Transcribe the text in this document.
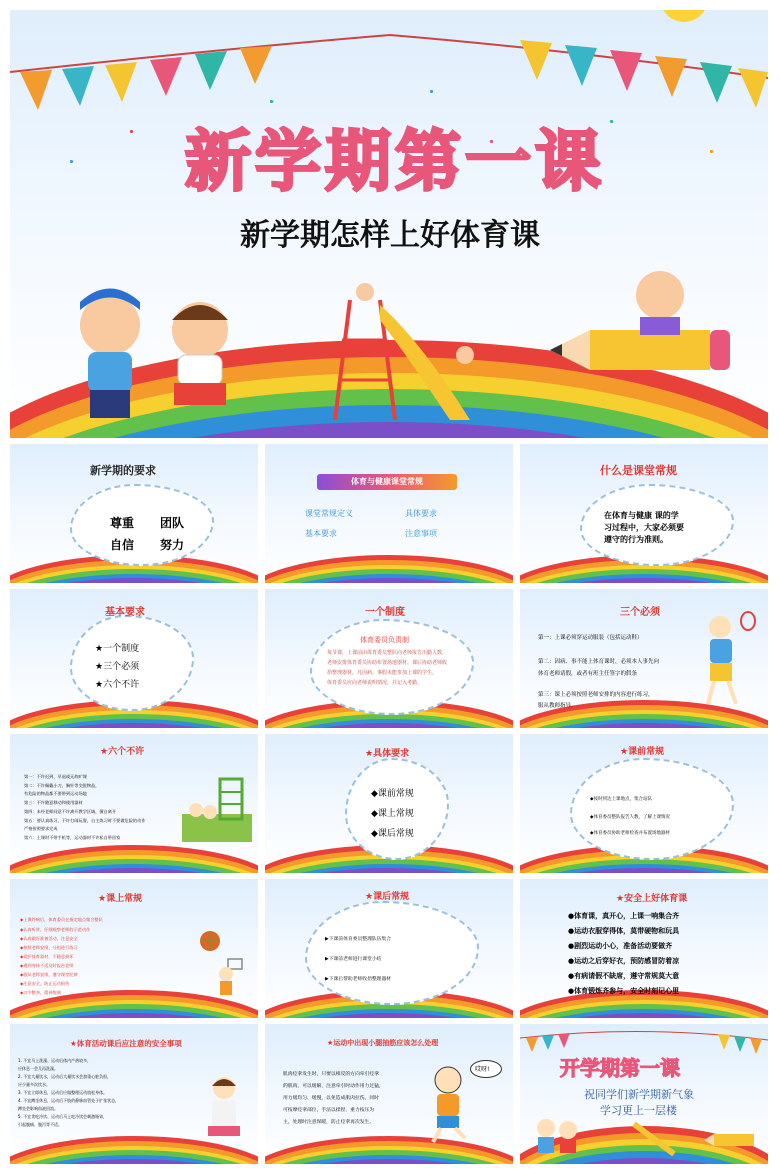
新学期第一课
新学期怎样上好体育课
新学期的要求
尊重 团队
自信 努力
体育与健康课堂常规
课堂常规定义	具体要求
基本要求	注意事项
什么是课堂常规
在体育与健康 课的学
习过程中，大家必须要
遵守的行为准则。
基本要求
★一个制度
★三个必须
★六个不许
一个制度
体育委员负责制
每节课，上课前由体育委员整队向老师报告出勤人数，
老师安排体育委员协助布置场地器材。课后协助老师收
拾整理器材。凡因病、事假未能参加上课的学生，
体育委员应向老师说明情况，并记入考勤。
三个必须
第一：上课必须穿运动服装（包括运动鞋）
第二：因病、事不能上体育课时，必须本人事先向
体育老师请假，或者有班主任签字的假条
第三：课上必须按照老师安排的内容进行练习，
服从教师指导。
★六个不许
第一：不许迟到、早退或无故旷课
第二：不许佩戴小刀、胸针等尖锐物品，
有危险的物品都不要带到运动场地
第三：不许随意移动和使用器材
第四：未经老师同意不许离开教学区域，擅自离开
第五：要认真练习，不许打闹玩耍，自主练习时不要做危险的动作
严格按照要求完成
第六：上课时不带手机等，运动器材不许私自带回家
★具体要求
◆课前常规
◆课上常规
◆课后常规
★课前常规
◆按时到达上课地点，集合站队
◆体育委员整队报告人数，了解上课情况
◆体育委员协助老师检查并布置场地器材
★课上常规
◆上课铃响后，体育委员在指定地点集合整队
◆认真听讲，仔细观察老师的示范动作
◆认真做好准备活动，注意安全
◆按照老师安排，分组进行练习
◆爱护体育器材，不随意损坏
◆遇到身体不适及时报告老师
◆服从老师安排，遵守课堂纪律
◆注意安全，防止运动损伤
◆口令整齐，精神饱满
★课后常规
▶下课前体育委员整理队伍集合
▶下课前老师进行课堂小结
▶下课后帮助老师收拾整理器材
★安全上好体育课
●体育课，真开心，上课一响集合齐
●运动衣服穿得体，莫带硬物和玩具
●剧烈运动小心，准备活动要做齐
●运动之后穿好衣，预防感冒防着凉
●有病请假不缺席，遵守常规莫大意
●体育锻炼齐参与，安全时刻记心里
★体育活动课后应注意的安全事项
1. 不宜马上洗澡、运动后体内产热较多，
应休息一会儿再洗澡。
2. 不宜大量饮水，运动后大量饮水会加重心脏负担，
应少量多次饮水。
3. 不宜立即休息，运动后应做整理运动放松身体。
4. 不宜蹲坐休息，运动后下肢的静脉血管处于扩张状态，
蹲坐会影响血液回流。
5. 不宜贪吃冷饮、运动后马上吃冷饮会刺激肠胃，
引起腹痛、腹泻等不适。
★运动中出现小腿抽筋应该怎么处理
肌肉痉挛发生时，只要以相反的方向牵引痉挛
的肌肉，可以缓解，注意牵引时动作用力过猛，
用力缓均匀、缓慢，以免造成肌肉拉伤。同时
可按摩痉挛部位，手法以揉捏、重力按压为
主，处理时注意保暖，防止痉挛再次发生。
哎呀!	开学期第一课
祝同学们新学期新气象
学习更上一层楼
